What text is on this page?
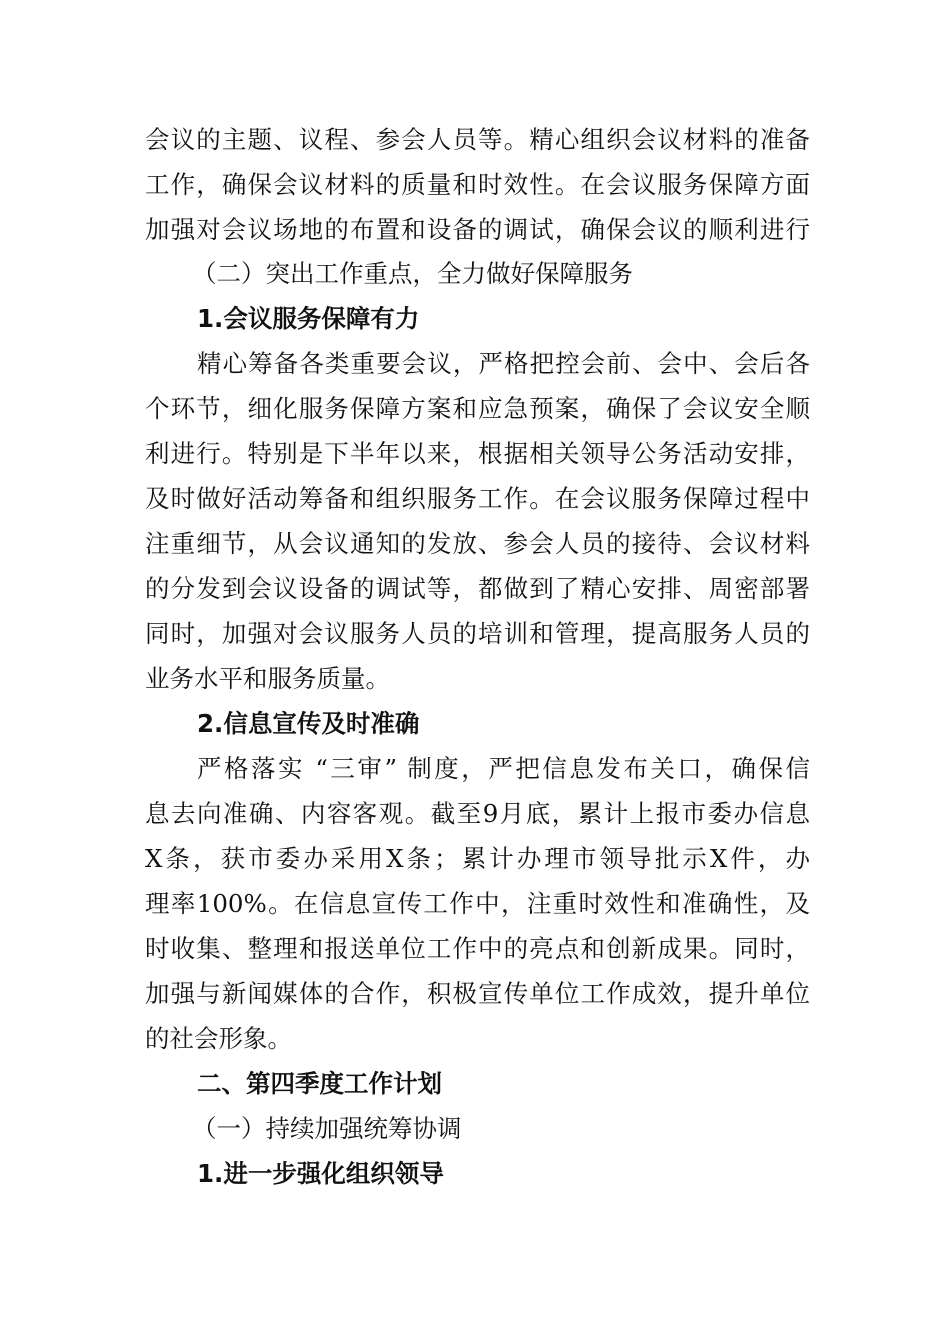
会议的主题、议程、参会人员等。精心组织会议材料的准备
工作，确保会议材料的质量和时效性。在会议服务保障方面
加强对会议场地的布置和设备的调试，确保会议的顺利进行
（二）突出工作重点，全力做好保障服务
1.会议服务保障有力
精心筹备各类重要会议，严格把控会前、会中、会后各
个环节，细化服务保障方案和应急预案，确保了会议安全顺
利进行。特别是下半年以来，根据相关领导公务活动安排，
及时做好活动筹备和组织服务工作。在会议服务保障过程中
注重细节，从会议通知的发放、参会人员的接待、会议材料
的分发到会议设备的调试等，都做到了精心安排、周密部署
同时，加强对会议服务人员的培训和管理，提高服务人员的
业务水平和服务质量。
2.信息宣传及时准确
严格落实 “三审” 制度，严把信息发布关口，确保信
息去向准确、内容客观。截至9月底，累计上报市委办信息
X条，获市委办采用X条；累计办理市领导批示X件，办
理率100%。在信息宣传工作中，注重时效性和准确性，及
时收集、整理和报送单位工作中的亮点和创新成果。同时，
加强与新闻媒体的合作，积极宣传单位工作成效，提升单位
的社会形象。
二、第四季度工作计划
（一）持续加强统筹协调
1.进一步强化组织领导
